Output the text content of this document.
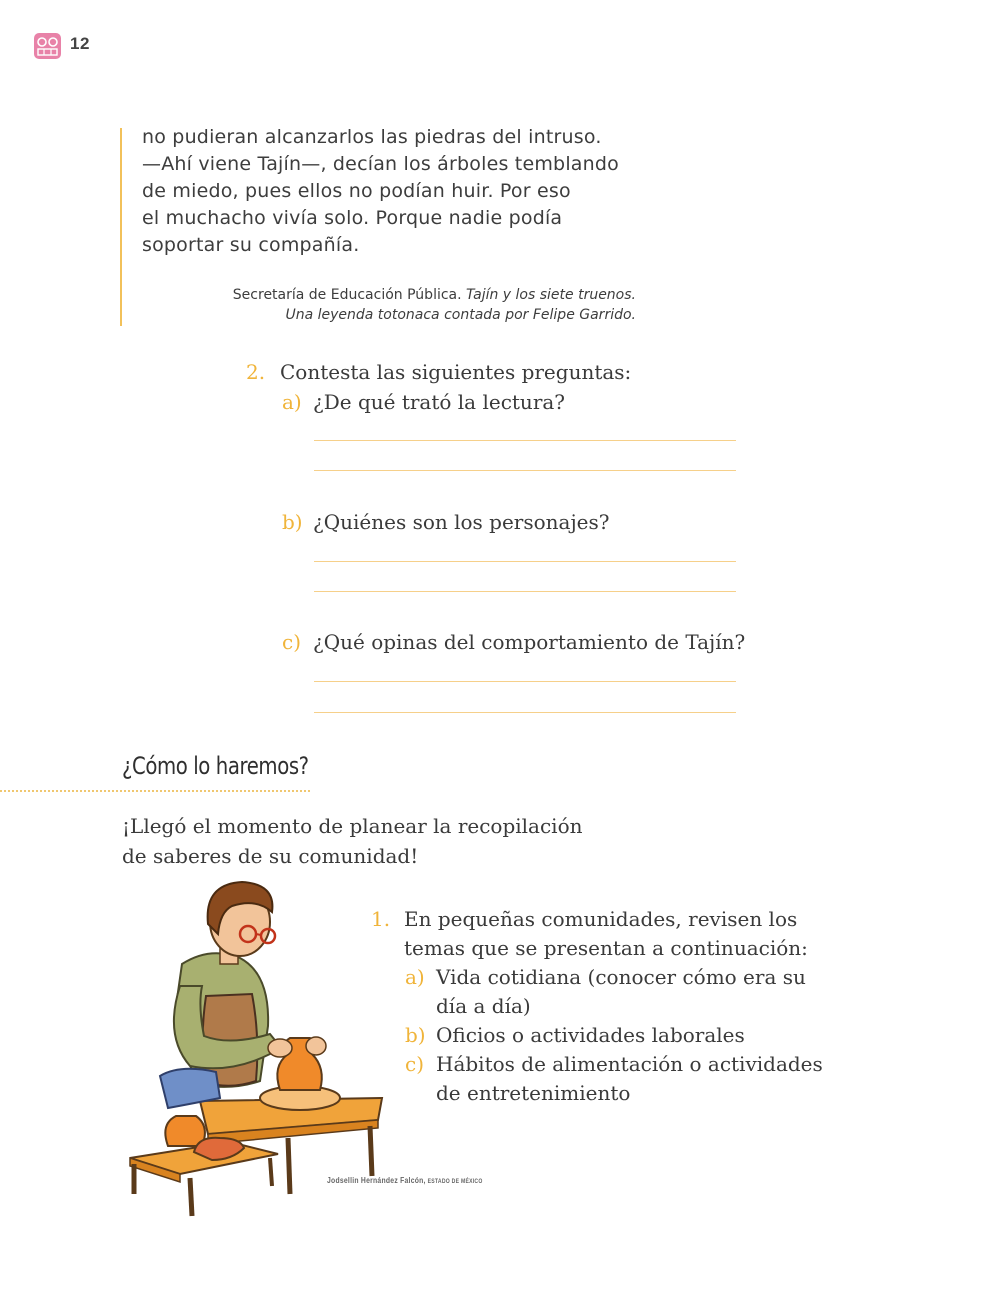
12
no pudieran alcanzarlos las piedras del intruso.
—Ahí viene Tajín—, decían los árboles temblando
de miedo, pues ellos no podían huir. Por eso
el muchacho vivía solo. Porque nadie podía
soportar su compañía.
Secretaría de Educación Pública. Tajín y los siete truenos.
Una leyenda totonaca contada por Felipe Garrido.
2. Contesta las siguientes preguntas:
a) ¿De qué trató la lectura?
b) ¿Quiénes son los personajes?
c) ¿Qué opinas del comportamiento de Tajín?
¿Cómo lo haremos?
¡Llegó el momento de planear la recopilación
de saberes de su comunidad!
Jodsellin Hernández Falcón, ESTADO DE MÉXICO
1. En pequeñas comunidades, revisen los
temas que se presentan a continuación:
a) Vida cotidiana (conocer cómo era su
día a día)
b) Oficios o actividades laborales
c) Hábitos de alimentación o actividades
de entretenimiento
